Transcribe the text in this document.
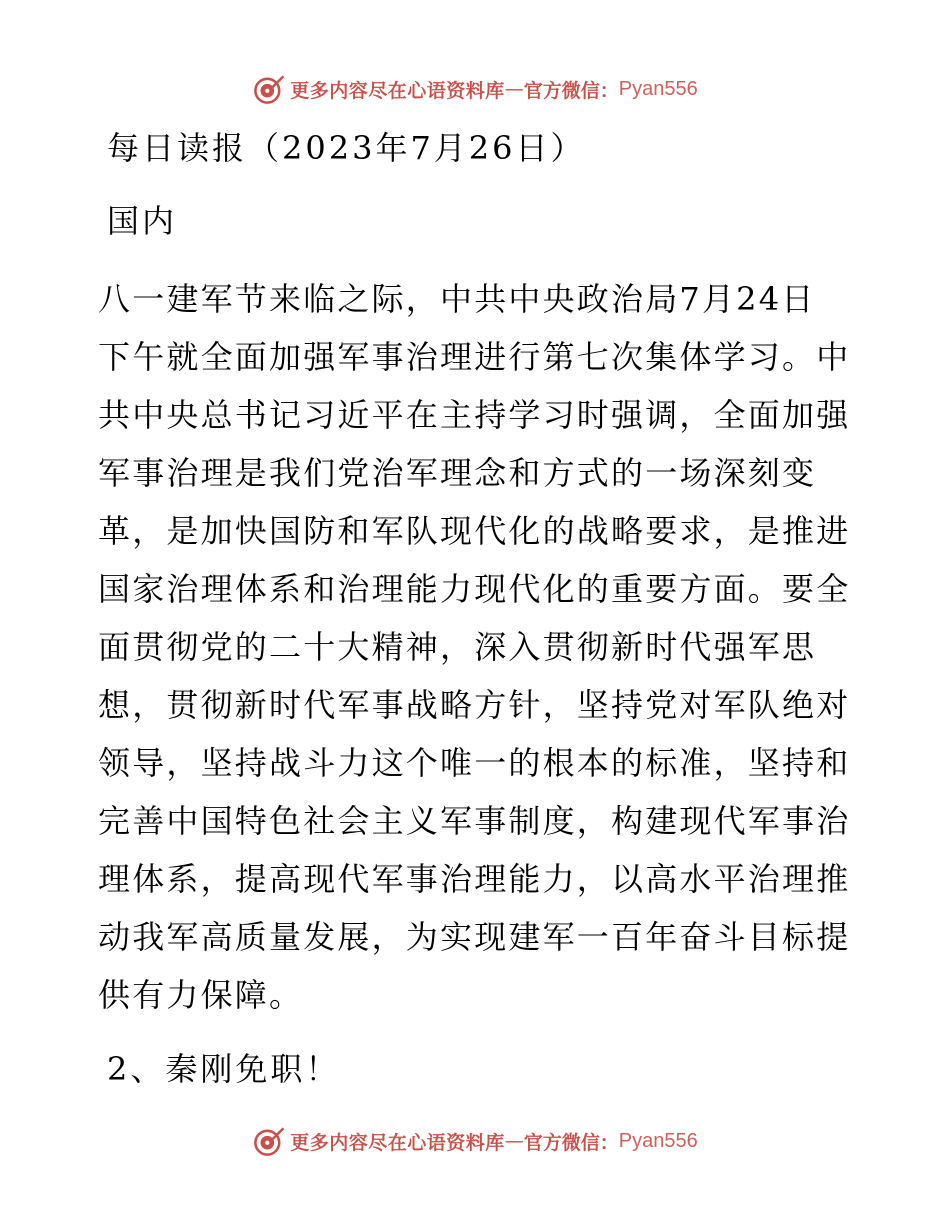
更多内容尽在心语资料库 — 官方微信： Pyan556
每日读报（2023年7月26日）
国内

八一建军节来临之际，中共中央政治局7月24日
下午就全面加强军事治理进行第七次集体学习。中
共中央总书记习近平在主持学习时强调，全面加强
军事治理是我们党治军理念和方式的一场深刻变
革，是加快国防和军队现代化的战略要求，是推进
国家治理体系和治理能力现代化的重要方面。要全
面贯彻党的二十大精神，深入贯彻新时代强军思
想，贯彻新时代军事战略方针，坚持党对军队绝对
领导，坚持战斗力这个唯一的根本的标准，坚持和
完善中国特色社会主义军事制度，构建现代军事治
理体系，提高现代军事治理能力，以高水平治理推
动我军高质量发展，为实现建军一百年奋斗目标提
供有力保障。

2、秦刚免职！
更多内容尽在心语资料库 — 官方微信： Pyan556
